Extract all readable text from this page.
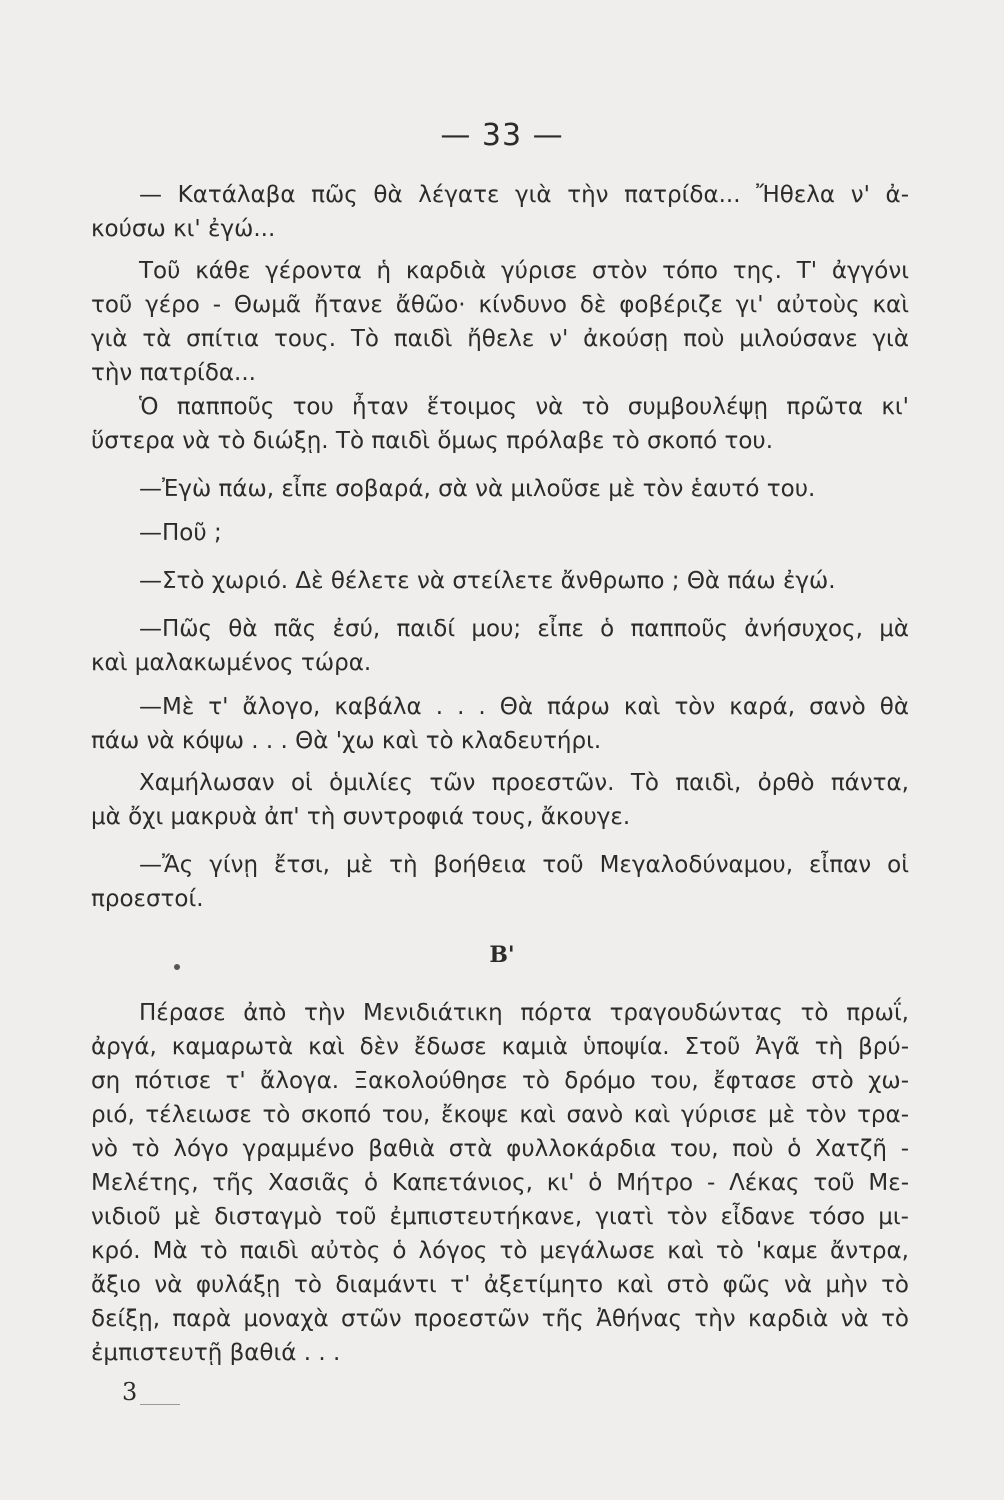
— 33 —
— Κατάλαβα πῶς θὰ λέγατε γιὰ τὴν πατρίδα... Ἤθελα ν' ἀ-
κούσω κι' ἐγώ...
Τοῦ κάθε γέροντα ἡ καρδιὰ γύρισε στὸν τόπο της. Τ' ἀγγόνι
τοῦ γέρο - Θωμᾶ ἤτανε ἄθῶο· κίνδυνο δὲ φοβέριζε γι' αὐτοὺς καὶ
γιὰ τὰ σπίτια τους. Τὸ παιδὶ ἤθελε ν' ἀκούσῃ ποὺ μιλούσανε γιὰ
τὴν πατρίδα...
Ὁ παπποῦς του ἦταν ἕτοιμος νὰ τὸ συμβουλέψῃ πρῶτα κι'
ὕστερα νὰ τὸ διώξῃ. Τὸ παιδὶ ὅμως πρόλαβε τὸ σκοπό του.
—Ἐγὼ πάω, εἶπε σοβαρά, σὰ νὰ μιλοῦσε μὲ τὸν ἑαυτό του.
—Ποῦ ;
—Στὸ χωριό. Δὲ θέλετε νὰ στείλετε ἄνθρωπο ; Θὰ πάω ἐγώ.
—Πῶς θὰ πᾶς ἐσύ, παιδί μου; εἶπε ὁ παπποῦς ἀνήσυχος, μὰ
καὶ μαλακωμένος τώρα.
—Μὲ τ' ἄλογο, καβάλα . . . Θὰ πάρω καὶ τὸν καρά, σανὸ θὰ
πάω νὰ κόψω . . . Θὰ 'χω καὶ τὸ κλαδευτήρι.
Χαμήλωσαν οἱ ὁμιλίες τῶν προεστῶν. Τὸ παιδὶ, ὀρθὸ πάντα,
μὰ ὄχι μακρυὰ ἀπ' τὴ συντροφιά τους, ἄκουγε.
—Ἄς γίνῃ ἔτσι, μὲ τὴ βοήθεια τοῦ Μεγαλοδύναμου, εἶπαν οἱ
προεστοί.
Β'
Πέρασε ἀπὸ τὴν Μενιδιάτικη πόρτα τραγουδώντας τὸ πρωΐ,
ἀργά, καμαρωτὰ καὶ δὲν ἔδωσε καμιὰ ὑποψία. Στοῦ Ἀγᾶ τὴ βρύ-
ση πότισε τ' ἄλογα. Ξακολούθησε τὸ δρόμο του, ἔφτασε στὸ χω-
ριό, τέλειωσε τὸ σκοπό του, ἔκοψε καὶ σανὸ καὶ γύρισε μὲ τὸν τρα-
νὸ τὸ λόγο γραμμένο βαθιὰ στὰ φυλλοκάρδια του, ποὺ ὁ Χατζῆ -
Μελέτης, τῆς Χασιᾶς ὁ Καπετάνιος, κι' ὁ Μήτρο - Λέκας τοῦ Με-
νιδιοῦ μὲ δισταγμὸ τοῦ ἐμπιστευτήκανε, γιατὶ τὸν εἶδανε τόσο μι-
κρό. Μὰ τὸ παιδὶ αὐτὸς ὁ λόγος τὸ μεγάλωσε καὶ τὸ 'καμε ἄντρα,
ἄξιο νὰ φυλάξῃ τὸ διαμάντι τ' ἀξετίμητο καὶ στὸ φῶς νὰ μὴν τὸ
δείξῃ, παρὰ μοναχὰ στῶν προεστῶν τῆς Ἀθήνας τὴν καρδιὰ νὰ τὸ
ἐμπιστευτῇ βαθιά . . .
3
